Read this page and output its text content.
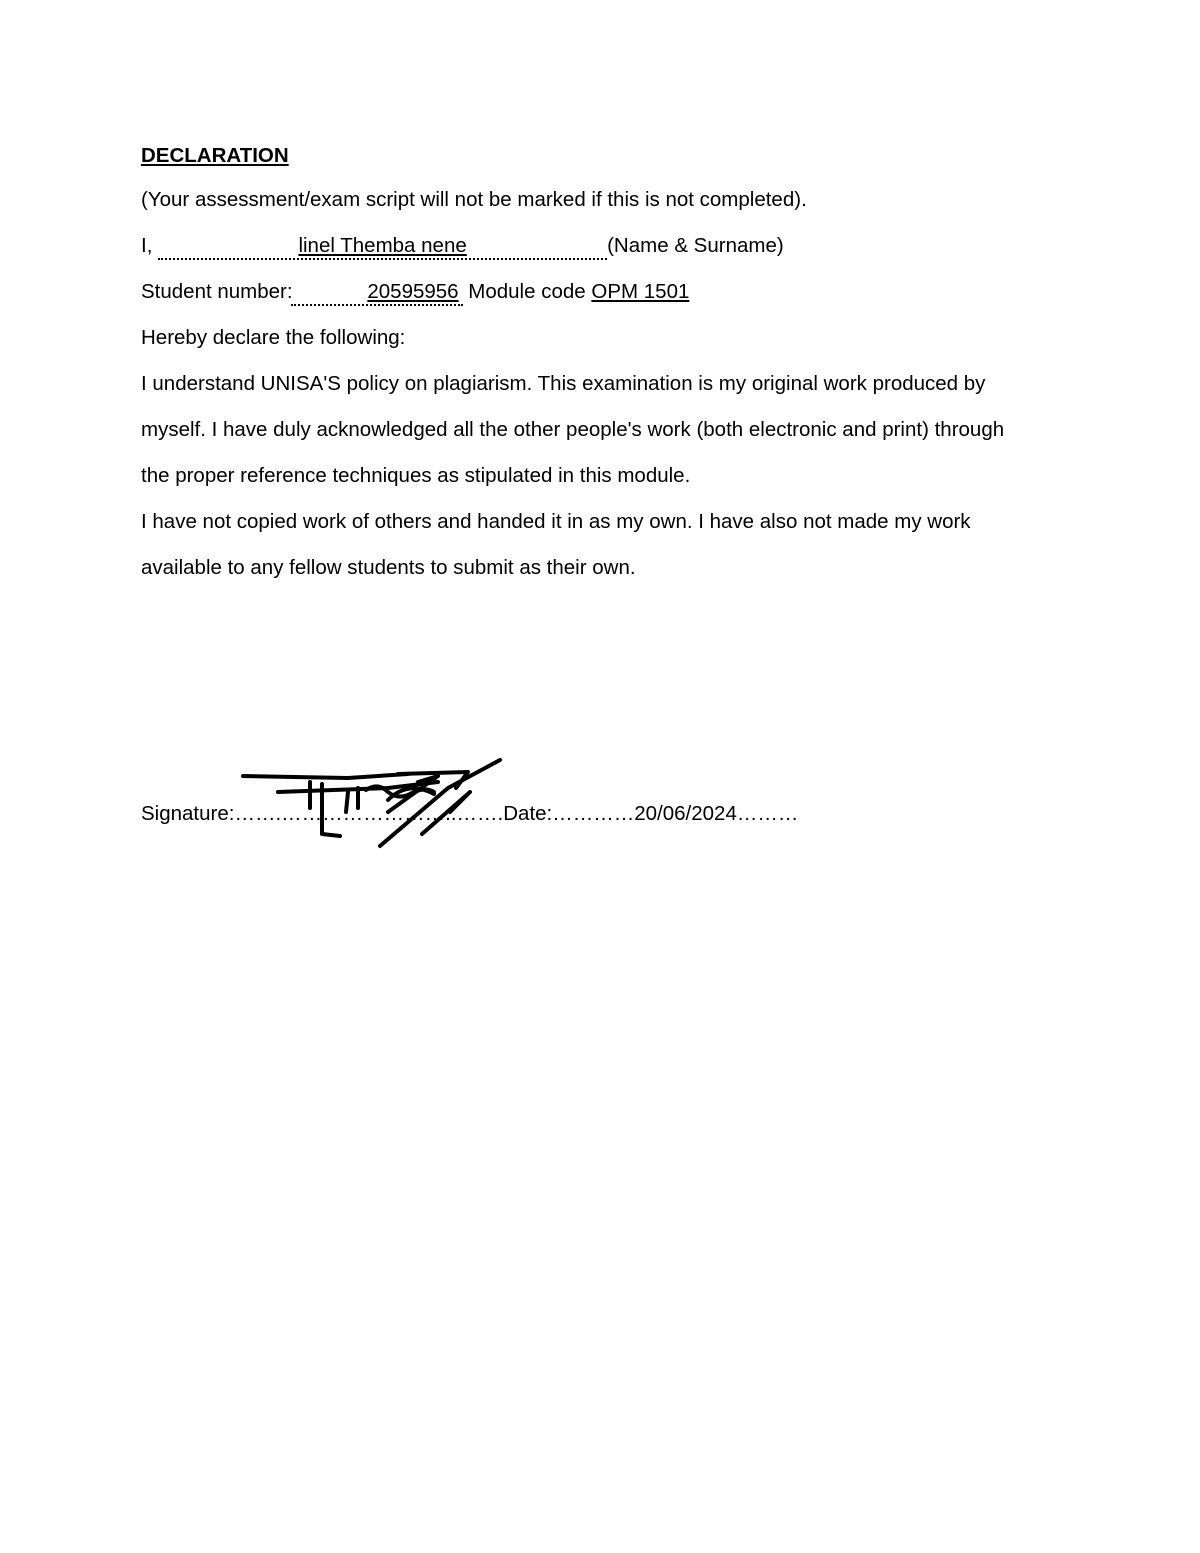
DECLARATION

(Your assessment/exam script will not be marked if this is not completed).

I,	linel Themba nene	(Name & Surname)

Student number:	20595956 Module code OPM 1501

Hereby declare the following:

I understand UNISA'S policy on plagiarism. This examination is my original work produced by

myself. I have duly acknowledged all the other people's work (both electronic and print) through

the proper reference techniques as stipulated in this module.

I have not copied work of others and handed it in as my own. I have also not made my work

available to any fellow students to submit as their own.

Signature:…….……………………..…….Date:…………20/06/2024………
